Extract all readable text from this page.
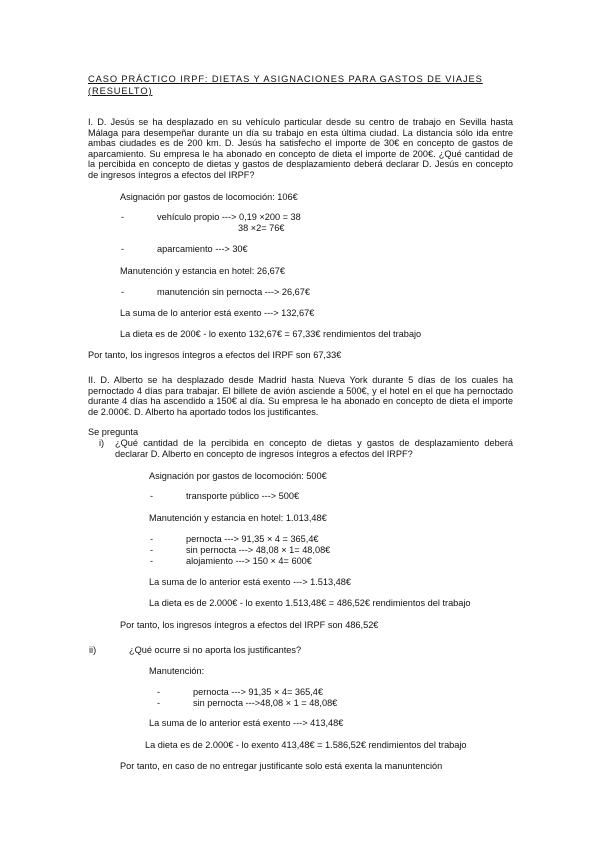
CASO PRÁCTICO IRPF: DIETAS Y ASIGNACIONES PARA GASTOS DE VIAJES
(RESUELTO)
I. D. Jesús se ha desplazado en su vehículo particular desde su centro de trabajo en Sevilla hasta Málaga para desempeñar durante un día su trabajo en esta última ciudad. La distancia sólo ida entre ambas ciudades es de 200 km. D. Jesús ha satisfecho el importe de 30€ en concepto de gastos de aparcamiento. Su empresa le ha abonado en concepto de dieta el importe de 200€. ¿Qué cantidad de la percibida en concepto de dietas y gastos de desplazamiento deberá declarar D. Jesús en concepto de ingresos íntegros a efectos del IRPF?
Asignación por gastos de locomoción: 106€
-	vehículo propio ---> 0,19 ×200 = 38
38 ×2= 76€
-	aparcamiento ---> 30€
Manutención y estancia en hotel: 26,67€
-	manutención sin pernocta ---> 26,67€
La suma de lo anterior está exento ---> 132,67€
La dieta es de 200€ - lo exento 132,67€ = 67,33€ rendimientos del trabajo
Por tanto, los ingresos íntegros a efectos del IRPF son 67,33€
II. D. Alberto se ha desplazado desde Madrid hasta Nueva York durante 5 días de los cuales ha pernoctado 4 días para trabajar. El billete de avión asciende a 500€, y el hotel en el que ha pernoctado durante 4 días ha ascendido a 150€ al día. Su empresa le ha abonado en concepto de dieta el importe de 2.000€. D. Alberto ha aportado todos los justificantes.
Se pregunta
i) ¿Qué cantidad de la percibida en concepto de dietas y gastos de desplazamiento deberá declarar D. Alberto en concepto de ingresos íntegros a efectos del IRPF?
Asignación por gastos de locomoción: 500€
-	transporte público ---> 500€
Manutención y estancia en hotel: 1.013,48€
-	pernocta ---> 91,35 × 4 = 365,4€
-	sin pernocta ---> 48,08 × 1= 48,08€
-	alojamiento ---> 150 × 4= 600€
La suma de lo anterior está exento ---> 1.513,48€
La dieta es de 2.000€ - lo exento 1.513,48€ = 486,52€ rendimientos del trabajo
Por tanto, los ingresos íntegros a efectos del IRPF son 486,52€
ii)	¿Qué ocurre si no aporta los justificantes?
Manutención:
-	pernocta ---> 91,35 × 4= 365,4€
-	sin pernocta --->48,08 × 1 = 48,08€
La suma de lo anterior está exento ---> 413,48€
La dieta es de 2.000€ - lo exento 413,48€ = 1.586,52€ rendimientos del trabajo
Por tanto, en caso de no entregar justificante solo está exenta la manuntención
